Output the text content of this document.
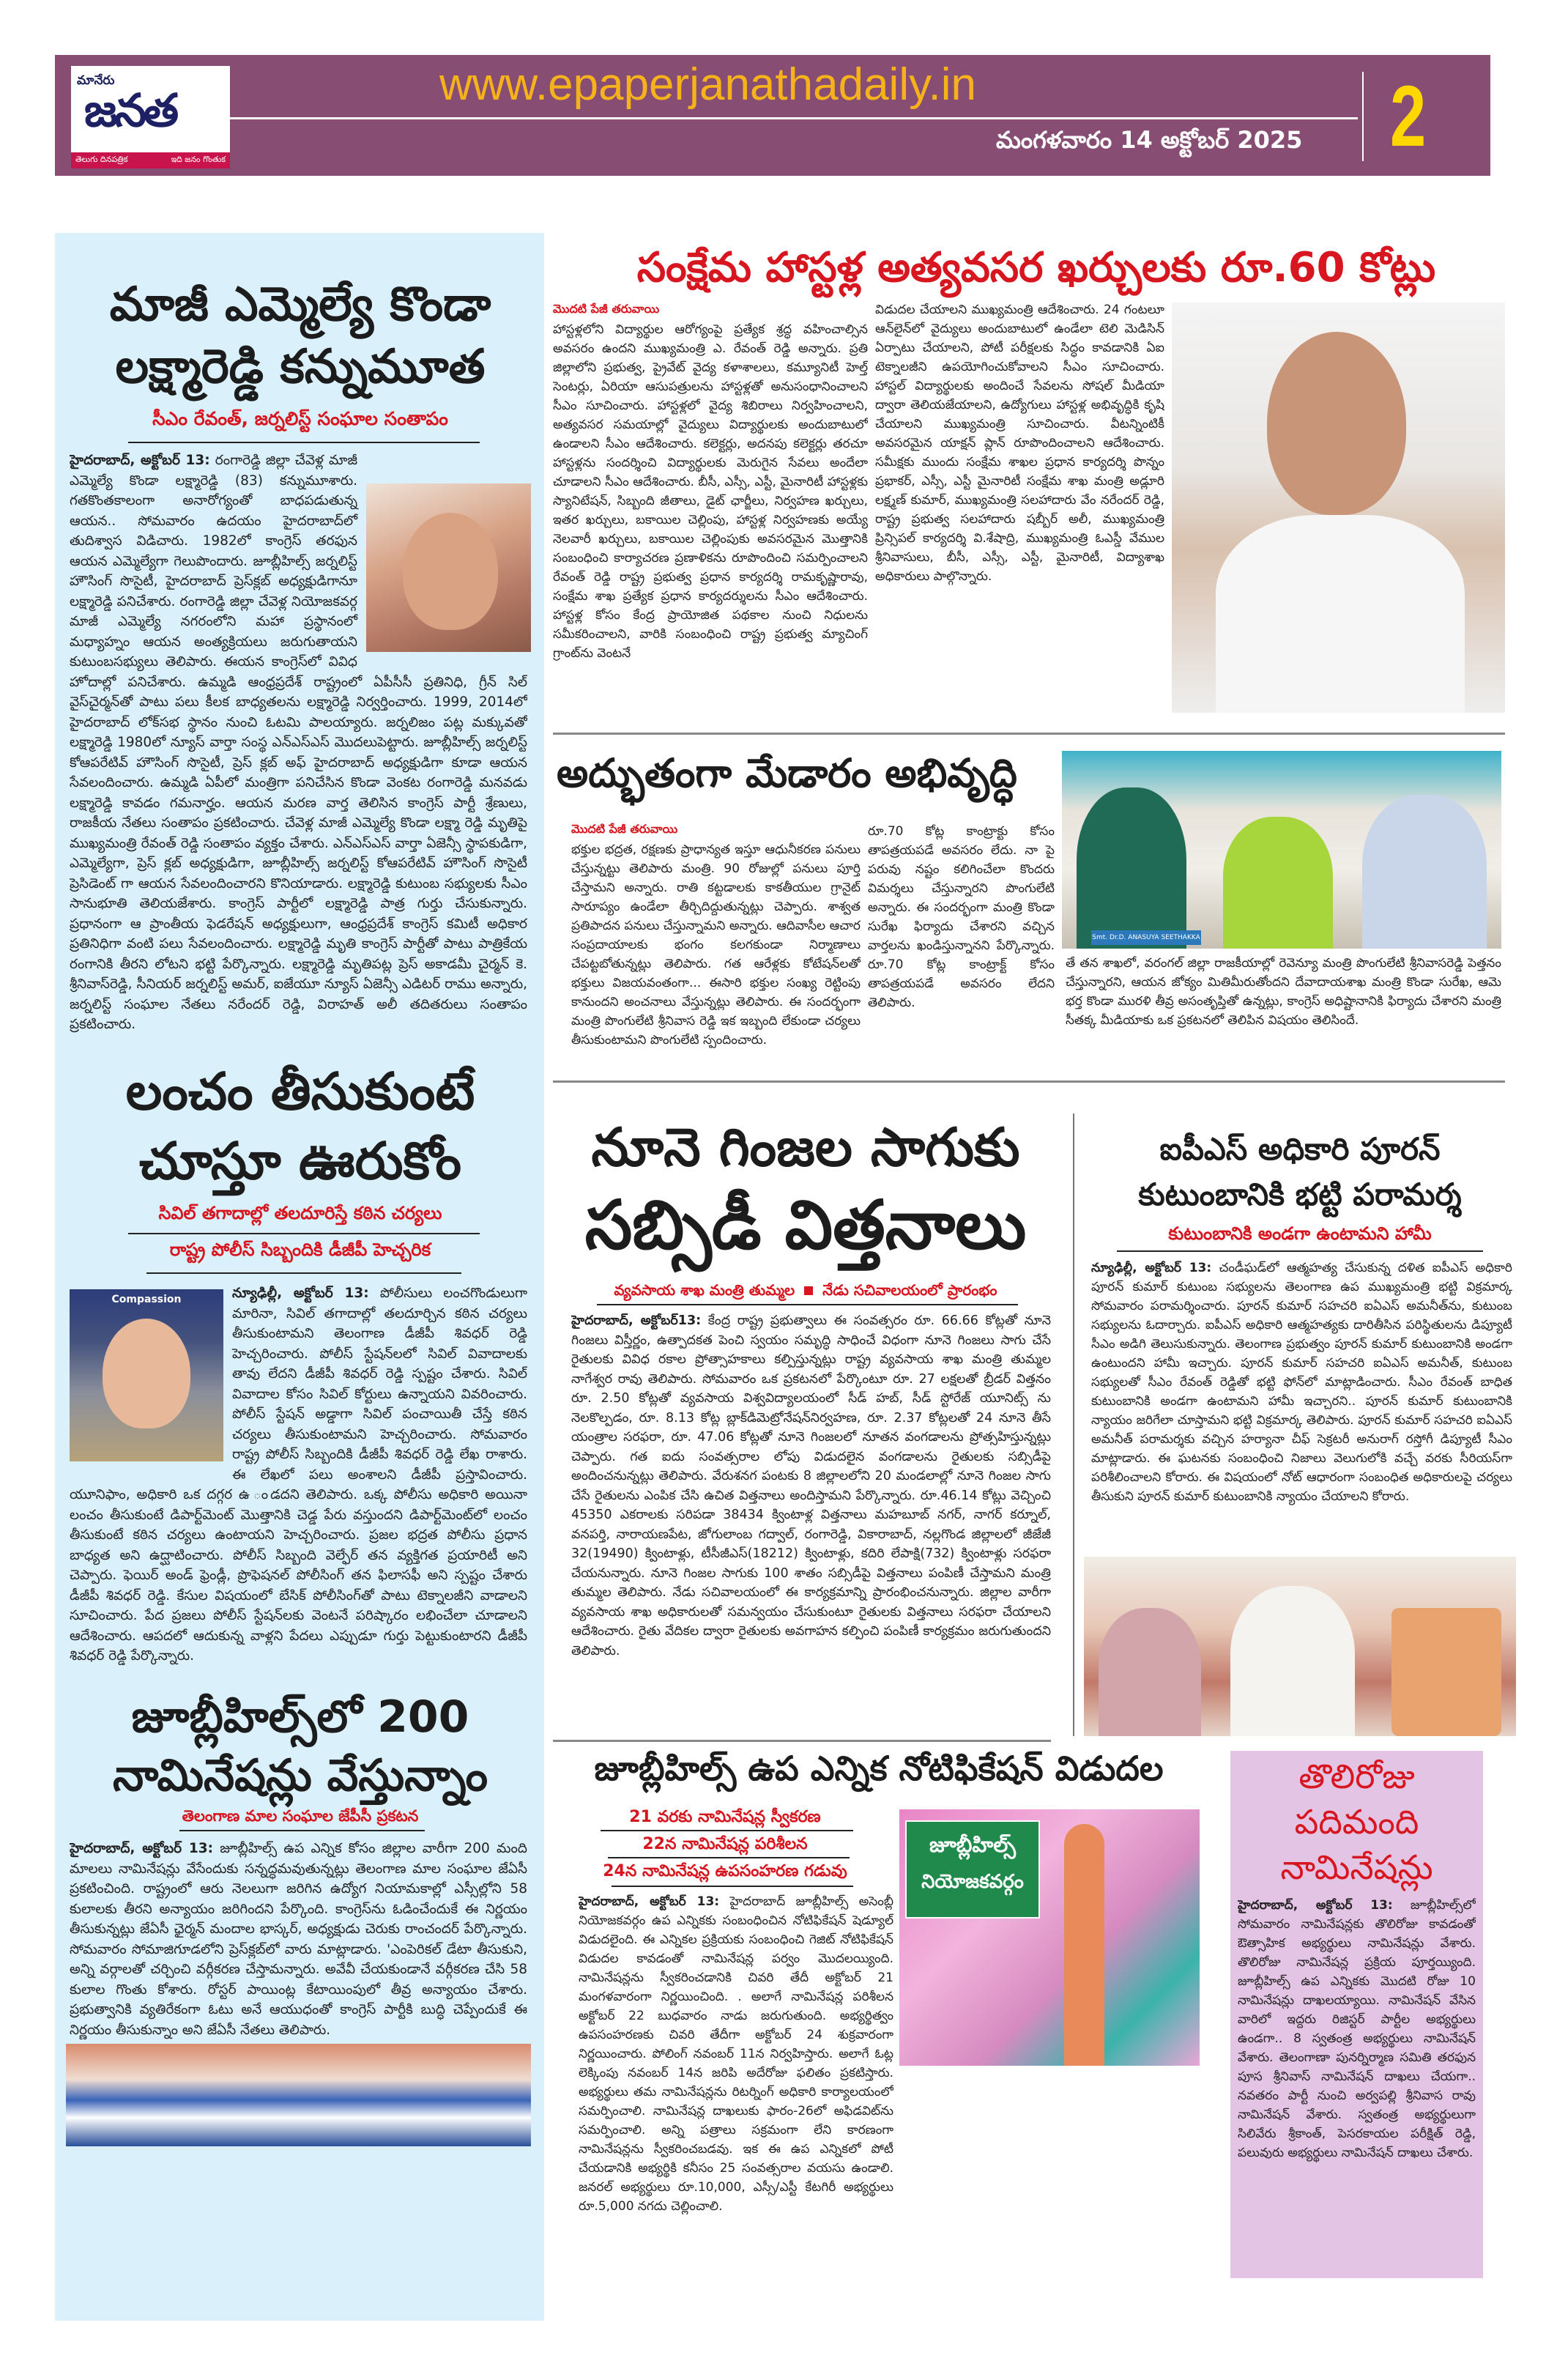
మానేరు
జనత
తెలుగు దినపత్రిక	ఇది జనం గొంతుక
www.epaperjanathadaily.in
మంగళవారం 14 అక్టోబర్ 2025 2
మాజీ ఎమ్మెల్యే కొండా
లక్ష్మారెడ్డి కన్నుమూత
సీఎం రేవంత్, జర్నలిస్ట్ సంఘాల సంతాపం
హైదరాబాద్, అక్టోబర్ 13: రంగారెడ్డి జిల్లా చేవెళ్ల మాజీ ఎమ్మెల్యే కొండా లక్ష్మారెడ్డి (83) కన్నుమూశారు. గతకొంతకాలంగా అనారోగ్యంతో బాధపడుతున్న ఆయన.. సోమవారం ఉదయం హైదరాబాద్‌లో తుదిశ్వాస విడిచారు. 1982లో కాంగ్రెస్ తరఫున ఆయన ఎమ్మెల్యేగా గెలుపొందారు. జూబ్లీహిల్స్ జర్నలిస్ట్ హౌసింగ్ సొసైటీ, హైదరాబాద్ ప్రెస్‌క్లబ్ అధ్యక్షుడిగానూ లక్ష్మారెడ్డి పనిచేశారు. రంగారెడ్డి జిల్లా చేవెళ్ల నియోజకవర్గ మాజీ ఎమ్మెల్యే నగరంలోని మహా ప్రస్థానంలో మధ్యాహ్నం ఆయన అంత్యక్రియలు జరుగుతాయని కుటుంబసభ్యులు తెలిపారు. ఈయన కాంగ్రెస్‌లో వివిధ హోదాల్లో పనిచేశారు. ఉమ్మడి ఆంధ్రప్రదేశ్ రాష్ట్రంలో ఏపీసీసీ ప్రతినిధి, గ్రీన్ సిల్ వైస్‌చైర్మన్‌తో పాటు పలు కీలక బాధ్యతలను లక్ష్మారెడ్డి నిర్వర్తించారు. 1999, 2014లో హైదరాబాద్ లోక్‌సభ స్థానం నుంచి ఓటమి పాలయ్యారు. జర్నలిజం పట్ల మక్కువతో లక్ష్మారెడ్డి 1980లో న్యూస్ వార్తా సంస్థ ఎన్ఎస్ఎస్ మొదలుపెట్టారు. జూబ్లీహిల్స్ జర్నలిస్ట్ కోఆపరేటివ్ హౌసింగ్ సొసైటీ, ప్రెస్ క్లబ్ అఫ్ హైదరాబాద్ అధ్యక్షుడిగా కూడా ఆయన సేవలందించారు. ఉమ్మడి ఏపీలో మంత్రిగా పనిచేసిన కొండా వెంకట రంగారెడ్డి మనవడు లక్ష్మారెడ్డి కావడం గమనార్హం. ఆయన మరణ వార్త తెలిసిన కాంగ్రెస్ పార్టీ శ్రేణులు, రాజకీయ నేతలు సంతాపం ప్రకటించారు. చేవెళ్ల మాజీ ఎమ్మెల్యే కొండా లక్ష్మా రెడ్డి మృతిపై ముఖ్యమంత్రి రేవంత్ రెడ్డి సంతాపం వ్యక్తం చేశారు. ఎన్ఎస్ఎస్ వార్తా ఏజెన్సీ స్థాపకుడిగా, ఎమ్మెల్యేగా, ప్రెస్ క్లబ్ అధ్యక్షుడిగా, జూబ్లీహిల్స్ జర్నలిస్ట్ కోఆపరేటివ్ హౌసింగ్ సొసైటీ ప్రెసిడెంట్ గా ఆయన సేవలందించారని కొనియాడారు. లక్ష్మారెడ్డి కుటుంబ సభ్యులకు సీఎం సానుభూతి తెలియజేశారు. కాంగ్రెస్ పార్టీలో లక్ష్మారెడ్డి పాత్ర గుర్తు చేసుకున్నారు. ప్రధానంగా ఆ ప్రాంతీయ ఫెడరేషన్ అధ్యక్షులుగా, ఆంధ్రప్రదేశ్ కాంగ్రెస్ కమిటీ అధికార ప్రతినిధిగా వంటి పలు సేవలందించారు. లక్ష్మారెడ్డి మృతి కాంగ్రెస్ పార్టీతో పాటు పాత్రికేయ రంగానికి తీరని లోటని భట్టి పేర్కొన్నారు. లక్ష్మారెడ్డి మృతిపట్ల ప్రెస్ అకాడమీ చైర్మన్ కె. శ్రీనివాస్‌రెడ్డి, సీనియర్ జర్నలిస్ట్ అమర్, ఐజేయూ న్యూస్ ఏజెన్సీ ఎడిటర్ రాము అన్నారు, జర్నలిస్ట్ సంఘాల నేతలు నరేందర్ రెడ్డి, విరాహత్ అలీ తదితరులు సంతాపం ప్రకటించారు.
లంచం తీసుకుంటే
చూస్తూ ఊరుకోం
సివిల్ తగాదాల్లో తలదూరిస్తే కఠిన చర్యలు
రాష్ట్ర పోలీస్ సిబ్బందికి డీజీపీ హెచ్చరిక
Compassion	న్యూఢిల్లీ, అక్టోబర్ 13: పోలీసులు లంచగొండులుగా మారినా, సివిల్ తగాదాల్లో తలదూర్చిన కఠిన చర్యలు తీసుకుంటామని తెలంగాణ డీజీపీ శివధర్ రెడ్డి హెచ్చరించారు. పోలీస్ స్టేషన్‌లలో సివిల్ వివాదాలకు తావు లేదని డీజీపీ శివధర్ రెడ్డి స్పష్టం చేశారు. సివిల్ వివాదాల కోసం సివిల్ కోర్టులు ఉన్నాయని వివరించారు. పోలీస్ స్టేషన్ అడ్డాగా సివిల్ పంచాయితీ చేస్తే కఠిన చర్యలు తీసుకుంటామని హెచ్చరించారు. సోమవారం రాష్ట్ర పోలీస్ సిబ్బందికి డీజీపీ శివధర్ రెడ్డి లేఖ రాశారు. ఈ లేఖలో పలు అంశాలని డీజీపీ ప్రస్తావించారు. యూనిఫాం, అధికారి ఒక దగ్గర ఉ ండదని తెలిపారు. ఒక్క పోలీసు అధికారి అయినా లంచం తీసుకుంటే డిపార్ట్‌మెంట్ మొత్తానికి చెడ్డ పేరు వస్తుందని డిపార్ట్‌మెంట్‌లో లంచం తీసుకుంటే కఠిన చర్యలు ఉంటాయని హెచ్చరించారు. ప్రజల భద్రత పోలీసు ప్రధాన బాధ్యత అని ఉద్ఘాటించారు. పోలీస్ సిబ్బంది వెల్ఫేర్ తన వ్యక్తిగత ప్రయారిటీ అని చెప్పారు. ఫెయిర్ అండ్ ఫ్రెండ్లీ, ప్రొఫెషనల్ పోలీసింగ్ తన ఫిలాసఫీ అని స్పష్టం చేశారు డీజీపీ శివధర్ రెడ్డి. కేసుల విషయంలో బేసిక్ పోలీసింగ్‌తో పాటు టెక్నాలజీని వాడాలని సూచించారు. పేద ప్రజలు పోలీస్ స్టేషన్‌లకు వెంటనే పరిష్కారం లభించేలా చూడాలని ఆదేశించారు. ఆపదలో ఆదుకున్న వాళ్లని పేదలు ఎప్పుడూ గుర్తు పెట్టుకుంటారని డీజీపీ శివధర్ రెడ్డి పేర్కొన్నారు.
జూబ్లీహిల్స్‌లో 200
నామినేషన్లు వేస్తున్నాం
తెలంగాణ మాల సంఘాల జేపీసీ ప్రకటన
హైదరాబాద్, అక్టోబర్ 13: జూబ్లీహిల్స్ ఉప ఎన్నిక కోసం జిల్లాల వారీగా 200 మంది మాలలు నామినేషన్లు వేసేందుకు సన్నద్ధమవుతున్నట్లు తెలంగాణ మాల సంఘాల జేఏసీ ప్రకటించింది. రాష్ట్రంలో ఆరు నెలలుగా జరిగిన ఉద్యోగ నియామకాల్లో ఎస్సీల్లోని 58 కులాలకు తీరని అన్యాయం జరిగిందని పేర్కొంది. కాంగ్రెస్‌ను ఓడించేందుకే ఈ నిర్ణయం తీసుకున్నట్లు జేఏసీ ఛైర్మన్ మందాల భాస్కర్, అధ్యక్షుడు చెరుకు రాంచందర్ పేర్కొన్నారు. సోమవారం సోమాజిగూడలోని ప్రెస్‌క్లబ్‌లో వారు మాట్లాడారు. 'ఎంపెరికల్ డేటా తీసుకుని, అన్ని వర్గాలతో చర్చించి వర్గీకరణ చేస్తామన్నారు. అవేవీ చేయకుండానే వర్గీకరణ చేసి 58 కులాల గొంతు కోశారు. రోస్టర్ పాయింట్ల కేటాయింపులో తీవ్ర అన్యాయం చేశారు. ప్రభుత్వానికి వ్యతిరేకంగా ఓటు అనే ఆయుధంతో కాంగ్రెస్ పార్టీకి బుద్ధి చెప్పేందుకే ఈ నిర్ణయం తీసుకున్నాం అని జేఏసీ నేతలు తెలిపారు.
సంక్షేమ హాస్టళ్ల అత్యవసర ఖర్చులకు రూ.60 కోట్లు
మొదటి పేజీ తరువాయి
హాస్టళ్లలోని విద్యార్థుల ఆరోగ్యంపై ప్రత్యేక శ్రద్ధ వహించాల్సిన అవసరం ఉందని ముఖ్యమంత్రి ఎ. రేవంత్ రెడ్డి అన్నారు. ప్రతి జిల్లాలోని ప్రభుత్వ, ప్రైవేట్ వైద్య కళాశాలలు, కమ్యూనిటీ హెల్త్ సెంటర్లు, ఏరియా ఆసుపత్రులను హాస్టళ్లతో అనుసంధానించాలని సీఎం సూచించారు. హాస్టళ్లలో వైద్య శిబిరాలు నిర్వహించాలని, అత్యవసర సమయాల్లో వైద్యులు విద్యార్థులకు అందుబాటులో ఉండాలని సీఎం ఆదేశించారు. కలెక్టర్లు, అదనపు కలెక్టర్లు తరచూ హాస్టళ్లను సందర్శించి విద్యార్థులకు మెరుగైన సేవలు అందేలా చూడాలని సీఎం ఆదేశించారు. బీసీ, ఎస్సీ, ఎస్టీ, మైనారిటీ హాస్టళ్లకు స్యానిటేషన్, సిబ్బంది జీతాలు, డైట్ ఛార్జీలు, నిర్వహణ ఖర్చులు, ఇతర ఖర్చులు, బకాయిల చెల్లింపు, హాస్టళ్ల నిర్వహణకు అయ్యే నెలవారీ ఖర్చులు, బకాయిల చెల్లింపుకు అవసరమైన మొత్తానికి సంబంధించి కార్యాచరణ ప్రణాళికను రూపొందించి సమర్పించాలని రేవంత్ రెడ్డి రాష్ట్ర ప్రభుత్వ ప్రధాన కార్యదర్శి రామకృష్ణారావు, సంక్షేమ శాఖ ప్రత్యేక ప్రధాన కార్యదర్శులను సీఎం ఆదేశించారు. హాస్టళ్ల కోసం కేంద్ర ప్రాయోజిత పథకాల నుంచి నిధులను సమీకరించాలని, వారికి సంబంధించి రాష్ట్ర ప్రభుత్వ మ్యాచింగ్ గ్రాంట్‌ను వెంటనే
విడుదల చేయాలని ముఖ్యమంత్రి ఆదేశించారు. 24 గంటలూ ఆన్‌లైన్‌లో వైద్యులు అందుబాటులో ఉండేలా టెలి మెడిసిన్ ఏర్పాటు చేయాలని, పోటీ పరీక్షలకు సిద్ధం కావడానికి ఏఐ టెక్నాలజీని ఉపయోగించుకోవాలని సీఎం సూచించారు. హాస్టల్ విద్యార్థులకు అందించే సేవలను సోషల్ మీడియా ద్వారా తెలియజేయాలని, ఉద్యోగులు హాస్టళ్ల అభివృద్ధికి కృషి చేయాలని ముఖ్యమంత్రి సూచించారు. వీటన్నింటికీ అవసరమైన యాక్షన్ ప్లాన్ రూపొందించాలని ఆదేశించారు. సమీక్షకు ముందు సంక్షేమ శాఖల ప్రధాన కార్యదర్శి పొన్నం ప్రభాకర్, ఎస్సీ, ఎస్టీ మైనారిటీ సంక్షేమ శాఖ మంత్రి అడ్లూరి లక్ష్మణ్ కుమార్, ముఖ్యమంత్రి సలహాదారు వేం నరేందర్ రెడ్డి, రాష్ట్ర ప్రభుత్వ సలహాదారు షబ్బీర్ అలీ, ముఖ్యమంత్రి ప్రిన్సిపల్ కార్యదర్శి వి.శేషాద్రి, ముఖ్యమంత్రి ఓఎస్డీ వేముల శ్రీనివాసులు, బీసీ, ఎస్సీ, ఎస్టీ, మైనారిటీ, విద్యాశాఖ అధికారులు పాల్గొన్నారు.
అద్భుతంగా మేడారం అభివృద్ధి
మొదటి పేజీ తరువాయి
భక్తుల భద్రత, రక్షణకు ప్రాధాన్యత ఇస్తూ ఆధునీకరణ పనులు చేస్తున్నట్టు తెలిపారు మంత్రి. 90 రోజుల్లో పనులు పూర్తి చేస్తామని అన్నారు. రాతి కట్టడాలకు కాకతీయుల గ్రానైట్ సారూప్యం ఉండేలా తీర్చిదిద్దుతున్నట్లు చెప్పారు. శాశ్వత ప్రతిపాదన పనులు చేస్తున్నామని అన్నారు. ఆదివాసీల ఆచార సంప్రదాయాలకు భంగం కలగకుండా నిర్మాణాలు చేపట్టబోతున్నట్లు తెలిపారు. గత ఆరేళ్లకు కోటేషన్‌లతో భక్తులు విజయవంతంగా... ఈసారి భక్తుల సంఖ్య రెట్టింపు కానుందని అంచనాలు వేస్తున్నట్లు తెలిపారు. ఈ సందర్భంగా మంత్రి పొంగులేటి శ్రీనివాస రెడ్డి ఇక ఇబ్బంది లేకుండా చర్యలు తీసుకుంటామని పొంగులేటి స్పందించారు.
రూ.70 కోట్ల కాంట్రాక్టు కోసం తాపత్రయపడే అవసరం లేదు. నా పై పరువు నష్టం కలిగించేలా కొందరు విమర్శలు చేస్తున్నారని పొంగులేటి అన్నారు. ఈ సందర్భంగా మంత్రి కొండా సురేఖ ఫిర్యాదు చేశారని వచ్చిన వార్తలను ఖండిస్తున్నానని పేర్కొన్నారు. రూ.70 కోట్ల కాంట్రాక్ట్ కోసం తాపత్రయపడే అవసరం లేదని తెలిపారు.
Smt. Dr.D. ANASUYA SEETHAKKA
తే తన శాఖలో, వరంగల్ జిల్లా రాజకీయాల్లో రెవెన్యూ మంత్రి పొంగులేటి శ్రీనివాసరెడ్డి పెత్తనం చేస్తున్నారని, ఆయన జోక్యం మితిమీరుతోందని దేవాదాయశాఖ మంత్రి కొండా సురేఖ, ఆమె భర్త కొండా మురళి తీవ్ర అసంతృప్తితో ఉన్నట్లు, కాంగ్రెస్ అధిష్టానానికి ఫిర్యాదు చేశారని మంత్రి సీతక్క మీడియాకు ఒక ప్రకటనలో తెలిపిన విషయం తెలిసిందే.
నూనె గింజల సాగుకు
సబ్సిడీ విత్తనాలు
వ్యవసాయ శాఖ మంత్రి తుమ్మల నేడు సచివాలయంలో ప్రారంభం
హైదరాబాద్, అక్టోబర్13: కేంద్ర రాష్ట్ర ప్రభుత్వాలు ఈ సంవత్సరం రూ. 66.66 కోట్లతో నూనె గింజలు విస్తీర్ణం, ఉత్పాదకత పెంచి స్వయం సమృద్ధి సాధించే విధంగా నూనె గింజలు సాగు చేసే రైతులకు వివిధ రకాల ప్రోత్సాహకాలు కల్పిస్తున్నట్లు రాష్ట్ర వ్యవసాయ శాఖ మంత్రి తుమ్మల నాగేశ్వర రావు తెలిపారు. సోమవారం ఒక ప్రకటనలో పేర్కొంటూ రూ. 27 లక్షలతో బ్రీడర్ విత్తనం రూ. 2.50 కోట్లతో వ్యవసాయ విశ్వవిద్యాలయంలో సీడ్ హబ్, సీడ్ స్టోరేజ్ యూనిట్స్ ను నెలకొల్పడం, రూ. 8.13 కోట్ల బ్లాక్‌డిమెట్రోనేషన్‌నిర్వహణ, రూ. 2.37 కోట్లలతో 24 నూనె తీసే యంత్రాల సరఫరా, రూ. 47.06 కోట్లతో నూనె గింజలలో నూతన వంగడాలను ప్రోత్సహిస్తున్నట్లు చెప్పారు. గత ఐదు సంవత్సరాల లోపు విడుదలైన వంగడాలను రైతులకు సబ్సిడీపై అందించనున్నట్లు తెలిపారు. వేరుశనగ పంటకు 8 జిల్లాలలోని 20 మండలాల్లో నూనె గింజల సాగు చేసే రైతులను ఎంపిక చేసి ఉచిత విత్తనాలు అందిస్తామని పేర్కొన్నారు. రూ.46.14 కోట్లు వెచ్చించి 45350 ఎకరాలకు సరిపడా 38434 క్వింటాళ్ల విత్తనాలు మహబూబ్ నగర్, నాగర్ కర్నూల్, వనపర్తి, నారాయణపేట, జోగులాంబ గద్వాల్, రంగారెడ్డి, వికారాబాద్, నల్లగొండ జిల్లాలలో జీజేజీ 32(19490) క్వింటాళ్లు, టీసీజీఎస్(18212) క్వింటాళ్లు, కదిరి లేపాక్షి(732) క్వింటాళ్లు సరఫరా చేయనున్నారు. నూనె గింజల సాగుకు 100 శాతం సబ్సిడీపై విత్తనాలు పంపిణీ చేస్తామని మంత్రి తుమ్మల తెలిపారు. నేడు సచివాలయంలో ఈ కార్యక్రమాన్ని ప్రారంభించనున్నారు. జిల్లాల వారీగా వ్యవసాయ శాఖ అధికారులతో సమన్వయం చేసుకుంటూ రైతులకు విత్తనాలు సరఫరా చేయాలని ఆదేశించారు. రైతు వేదికల ద్వారా రైతులకు అవగాహన కల్పించి పంపిణీ కార్యక్రమం జరుగుతుందని తెలిపారు.
ఐపీఎస్ అధికారి పూరన్
కుటుంబానికి భట్టి పరామర్శ
కుటుంబానికి అండగా ఉంటామని హామీ
న్యూఢిల్లీ, అక్టోబర్ 13: చండీఘడ్‌లో ఆత్మహత్య చేసుకున్న దళిత ఐపీఎస్ అధికారి పూరన్ కుమార్ కుటుంబ సభ్యులను తెలంగాణ ఉప ముఖ్యమంత్రి భట్టి విక్రమార్క సోమవారం పరామర్శించారు. పూరన్ కుమార్ సహచరి ఐఏఎస్ అమనీత్‌ను, కుటుంబ సభ్యులను ఓదార్చారు. ఐపీఎస్ అధికారి ఆత్మహత్యకు దారితీసిన పరిస్థితులను డిప్యూటీ సీఎం అడిగి తెలుసుకున్నారు. తెలంగాణ ప్రభుత్వం పూరన్ కుమార్ కుటుంబానికి అండగా ఉంటుందని హామీ ఇచ్చారు. పూరన్ కుమార్ సహచరి ఐఏఎస్ అమనీత్, కుటుంబ సభ్యులతో సీఎం రేవంత్ రెడ్డితో భట్టి ఫోన్‌లో మాట్లాడించారు. సీఎం రేవంత్ బాధిత కుటుంబానికి అండగా ఉంటామని హామీ ఇచ్చారని.. పూరన్ కుమార్ కుటుంబానికి న్యాయం జరిగేలా చూస్తామని భట్టి విక్రమార్క తెలిపారు. పూరన్ కుమార్ సహచరి ఐఏఎస్ అమనీత్ పరామర్శకు వచ్చిన హర్యానా చీఫ్ సెక్రటరీ అనురాగ్ రస్తోగీ డిప్యూటీ సీఎం మాట్లాడారు. ఈ ఘటనకు సంబంధించి నిజాలు వెలుగులోకి వచ్చే వరకు సీరియస్‌గా పరిశీలించాలని కోరారు. ఈ విషయంలో నోట్ ఆధారంగా సంబంధిత అధికారులపై చర్యలు తీసుకుని పూరన్ కుమార్ కుటుంబానికి న్యాయం చేయాలని కోరారు.
జూబ్లీహిల్స్ ఉప ఎన్నిక నోటిఫికేషన్ విడుదల
21 వరకు నామినేషన్ల స్వీకరణ
22న నామినేషన్ల పరిశీలన
24న నామినేషన్ల ఉపసంహరణ గడువు
జూబ్లీహిల్స్
నియోజకవర్గం
హైదరాబాద్, అక్టోబర్ 13: హైదరాబాద్ జూబ్లీహిల్స్ అసెంబ్లీ నియోజకవర్గం ఉప ఎన్నికకు సంబంధించిన నోటిఫికేషన్ షెడ్యూల్ విడుదలైంది. ఈ ఎన్నికల ప్రక్రియకు సంబంధించి గెజిట్ నోటిఫికేషన్ విడుదల కావడంతో నామినేషన్ల పర్వం మొదలయ్యింది. నామినేషన్లను స్వీకరించడానికి చివరి తేదీ అక్టోబర్ 21 మంగళవారంగా నిర్ణయించింది. . అలాగే నామినేషన్ల పరిశీలన అక్టోబర్ 22 బుధవారం నాడు జరుగుతుంది. అభ్యర్థిత్వం ఉపసంహరణకు చివరి తేదీగా అక్టోబర్ 24 శుక్రవారంగా నిర్ణయించారు. పోలింగ్ నవంబర్ 11న నిర్వహిస్తారు. అలాగే ఓట్ల లెక్కింపు నవంబర్ 14న జరిపి అదేరోజు ఫలితం ప్రకటిస్తారు. అభ్యర్థులు తమ నామినేషన్లను రిటర్నింగ్ అధికారి కార్యాలయంలో సమర్పించాలి. నామినేషన్ల దాఖలుకు ఫారం-26లో అఫిడవిట్‌ను సమర్పించాలి. అన్ని పత్రాలు సక్రమంగా లేని కారణంగా నామినేషన్లను స్వీకరించబడవు. ఇక ఈ ఉప ఎన్నికలో పోటీ చేయడానికి అభ్యర్థికి కనీసం 25 సంవత్సరాల వయసు ఉండాలి. జనరల్ అభ్యర్థులు రూ.10,000, ఎస్సీ/ఎస్టీ కేటగిరీ అభ్యర్థులు రూ.5,000 నగదు చెల్లించాలి.
తొలిరోజు
పదిమంది
నామినేషన్లు
హైదరాబాద్, అక్టోబర్ 13: జూబ్లీహిల్స్‌లో సోమవారం నామినేషన్లకు తొలిరోజు కావడంతో ఔత్సాహిక అభ్యర్థులు నామినేషన్లు వేశారు. తొలిరోజు నామినేషన్ల ప్రక్రియ పూర్తయ్యింది. జూబ్లీహిల్స్ ఉప ఎన్నికకు మొదటి రోజు 10 నామినేషన్లు దాఖలయ్యాయి. నామినేషన్ వేసిన వారిలో ఇద్దరు రిజిస్టర్ పార్టీల అభ్యర్థులు ఉండగా.. 8 స్వతంత్ర అభ్యర్థులు నామినేషన్ వేశారు. తెలంగాణా పునర్నిర్మాణ సమితి తరఫున పూస శ్రీనివాస్ నామినేషన్ దాఖలు చేయగా.. నవతరం పార్టీ నుంచి అర్వపల్లి శ్రీనివాస రావు నామినేషన్ వేశారు. స్వతంత్ర అభ్యర్థులుగా సిలివేరు శ్రీకాంత్, పెసరకాయల పరీక్షిత్ రెడ్డి, పలువురు అభ్యర్థులు నామినేషన్ దాఖలు చేశారు.
